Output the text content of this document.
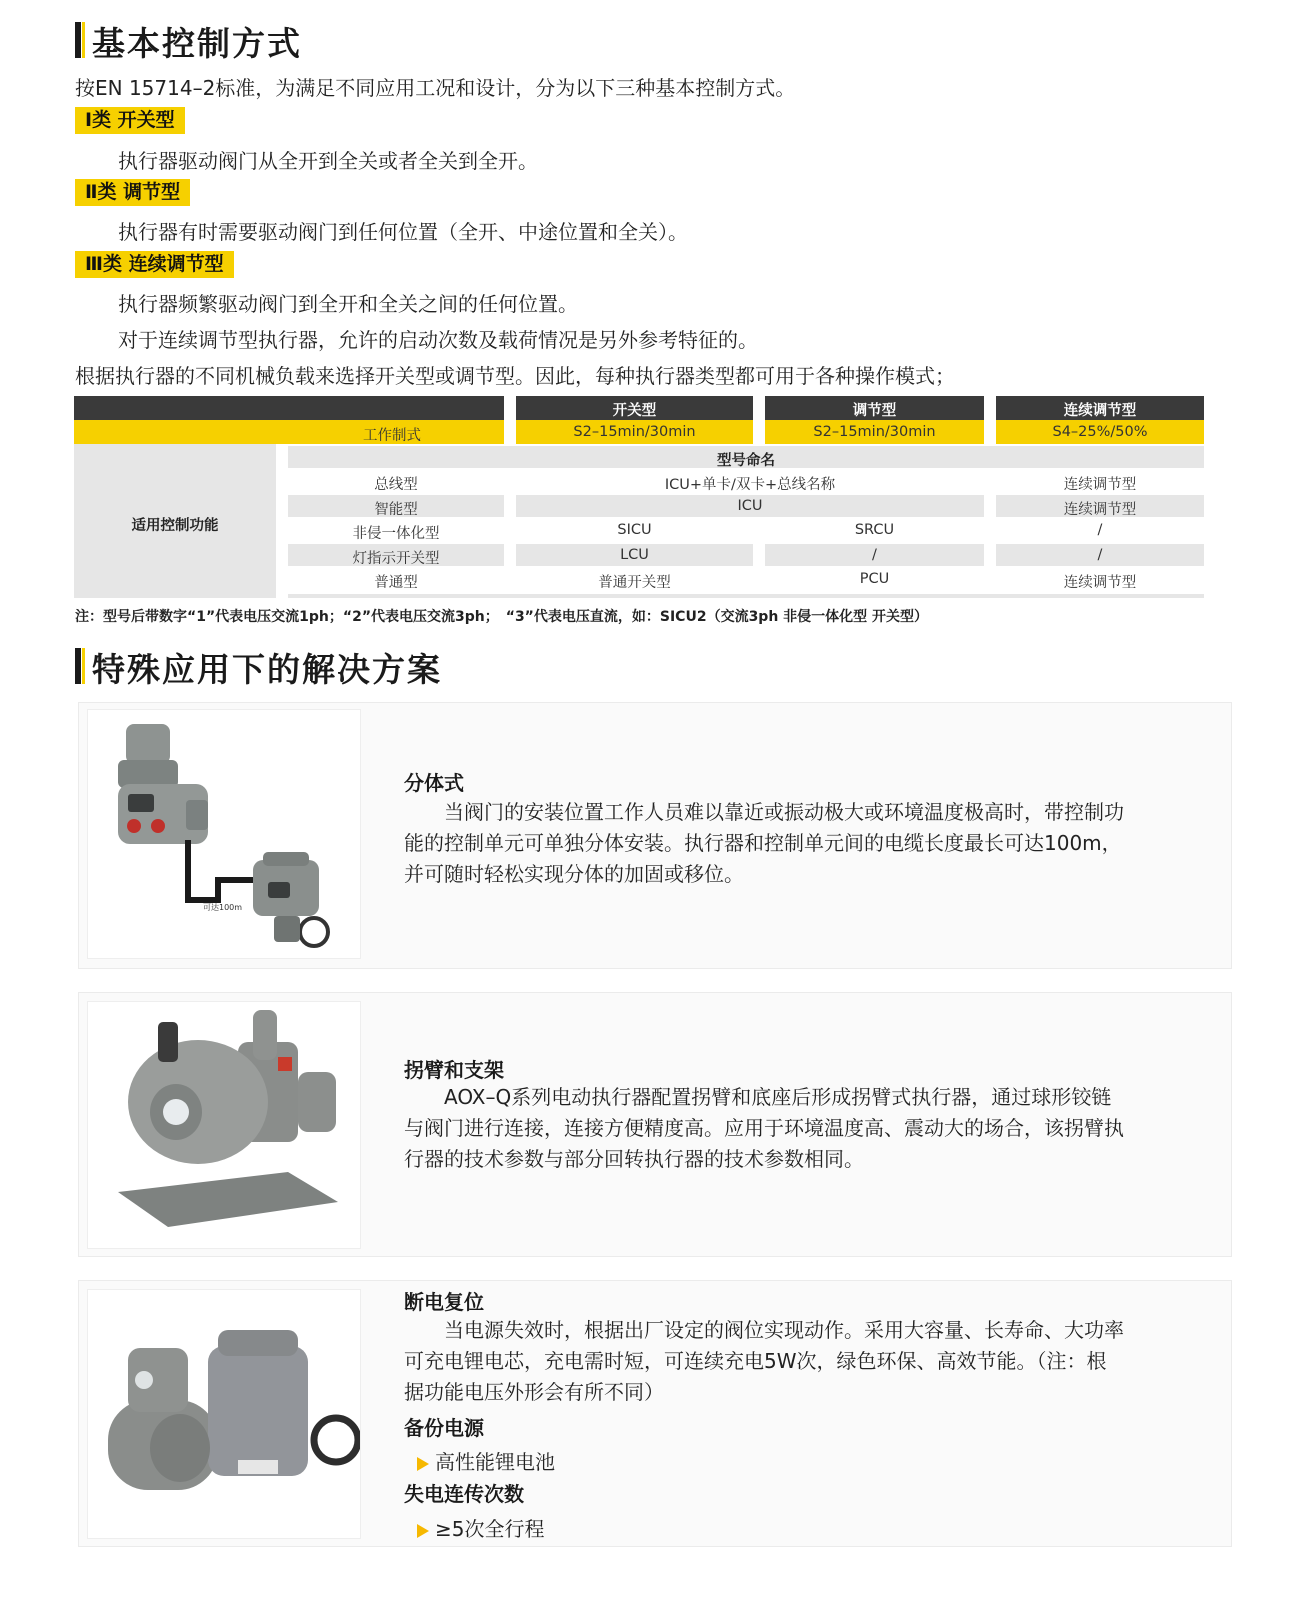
基本控制方式
按EN 15714–2标准，为满足不同应用工况和设计，分为以下三种基本控制方式。
Ⅰ类 开关型
执行器驱动阀门从全开到全关或者全关到全开。
Ⅱ类 调节型
执行器有时需要驱动阀门到任何位置（全开、中途位置和全关）。
Ⅲ类 连续调节型
执行器频繁驱动阀门到全开和全关之间的任何位置。
对于连续调节型执行器，允许的启动次数及载荷情况是另外参考特征的。
根据执行器的不同机械负载来选择开关型或调节型。因此，每种执行器类型都可用于各种操作模式；
开关型	调节型	连续调节型
工作制式	S2–15min/30min	S2–15min/30min	S4–25%/50%
适用控制功能
型号命名
总线型	ICU+单卡/双卡+总线名称	连续调节型
智能型	ICU	连续调节型
非侵一体化型	SICU	SRCU	/
灯指示开关型	LCU	/	/
普通型	普通开关型	PCU	连续调节型
注：型号后带数字“1”代表电压交流1ph；“2”代表电压交流3ph；　“3”代表电压直流，如：SICU2（交流3ph 非侵一体化型 开关型）
特殊应用下的解决方案
可达100m
分体式
　　当阀门的安装位置工作人员难以靠近或振动极大或环境温度极高时，带控制功
能的控制单元可单独分体安装。执行器和控制单元间的电缆长度最长可达100m，
并可随时轻松实现分体的加固或移位。
拐臂和支架
　　AOX–Q系列电动执行器配置拐臂和底座后形成拐臂式执行器，通过球形铰链
与阀门进行连接，连接方便精度高。应用于环境温度高、震动大的场合，该拐臂执
行器的技术参数与部分回转执行器的技术参数相同。
断电复位
　　当电源失效时，根据出厂设定的阀位实现动作。采用大容量、长寿命、大功率
可充电锂电芯，充电需时短，可连续充电5W次，绿色环保、高效节能。（注：根
据功能电压外形会有所不同）
备份电源
高性能锂电池
失电连传次数
≥5次全行程
